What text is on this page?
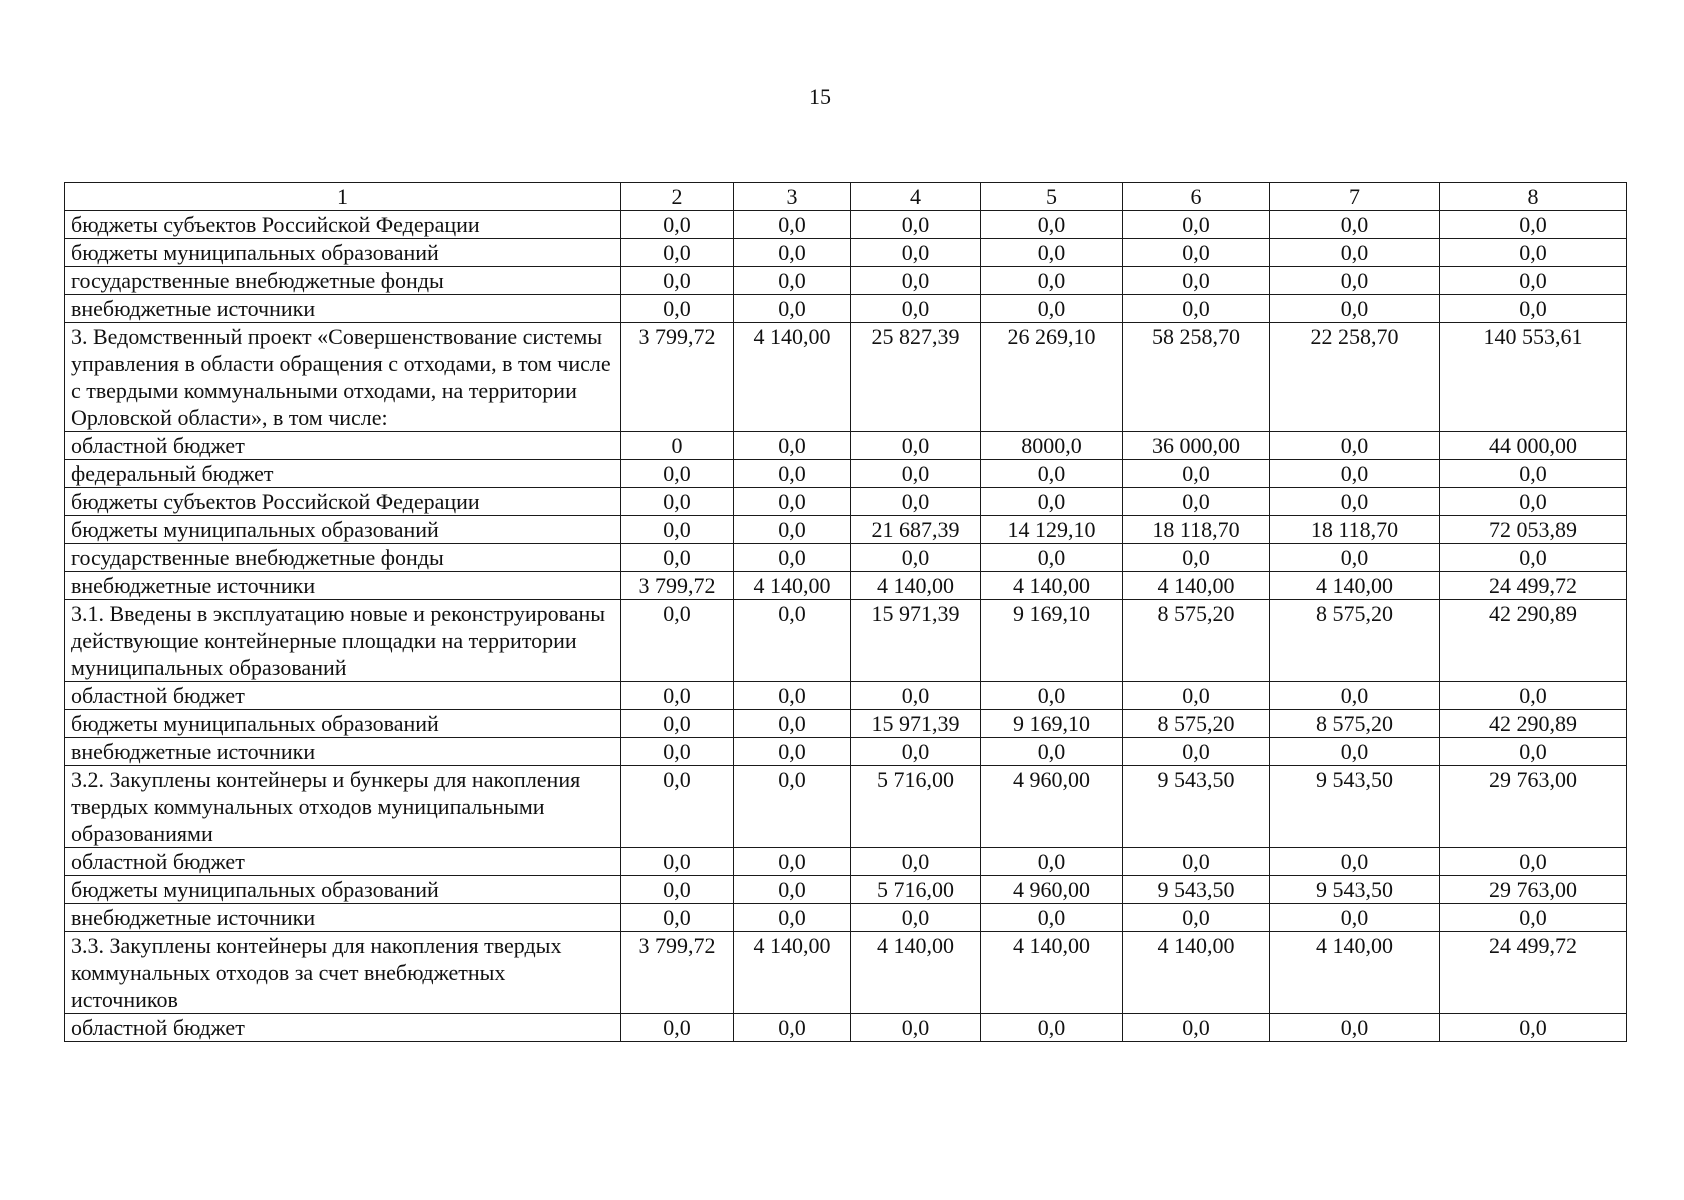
15
1	2	3	4	5	6	7	8
бюджеты субъектов Российской Федерации	0,0	0,0	0,0	0,0	0,0	0,0	0,0
бюджеты муниципальных образований	0,0	0,0	0,0	0,0	0,0	0,0	0,0
государственные внебюджетные фонды	0,0	0,0	0,0	0,0	0,0	0,0	0,0
внебюджетные источники	0,0	0,0	0,0	0,0	0,0	0,0	0,0
3. Ведомственный проект «Совершенствование системы управления в области обращения с отходами, в том числе с твердыми коммунальными отходами, на территории Орловской области», в том числе:	3 799,72	4 140,00	25 827,39	26 269,10	58 258,70	22 258,70	140 553,61
областной бюджет	0	0,0	0,0	8000,0	36 000,00	0,0	44 000,00
федеральный бюджет	0,0	0,0	0,0	0,0	0,0	0,0	0,0
бюджеты субъектов Российской Федерации	0,0	0,0	0,0	0,0	0,0	0,0	0,0
бюджеты муниципальных образований	0,0	0,0	21 687,39	14 129,10	18 118,70	18 118,70	72 053,89
государственные внебюджетные фонды	0,0	0,0	0,0	0,0	0,0	0,0	0,0
внебюджетные источники	3 799,72	4 140,00	4 140,00	4 140,00	4 140,00	4 140,00	24 499,72
3.1. Введены в эксплуатацию новые и реконструированы действующие контейнерные площадки на территории муниципальных образований	0,0	0,0	15 971,39	9 169,10	8 575,20	8 575,20	42 290,89
областной бюджет	0,0	0,0	0,0	0,0	0,0	0,0	0,0
бюджеты муниципальных образований	0,0	0,0	15 971,39	9 169,10	8 575,20	8 575,20	42 290,89
внебюджетные источники	0,0	0,0	0,0	0,0	0,0	0,0	0,0
3.2. Закуплены контейнеры и бункеры для накопления твердых коммунальных отходов муниципальными образованиями	0,0	0,0	5 716,00	4 960,00	9 543,50	9 543,50	29 763,00
областной бюджет	0,0	0,0	0,0	0,0	0,0	0,0	0,0
бюджеты муниципальных образований	0,0	0,0	5 716,00	4 960,00	9 543,50	9 543,50	29 763,00
внебюджетные источники	0,0	0,0	0,0	0,0	0,0	0,0	0,0
3.3. Закуплены контейнеры для накопления твердых коммунальных отходов за счет внебюджетных источников	3 799,72	4 140,00	4 140,00	4 140,00	4 140,00	4 140,00	24 499,72
областной бюджет	0,0	0,0	0,0	0,0	0,0	0,0	0,0
